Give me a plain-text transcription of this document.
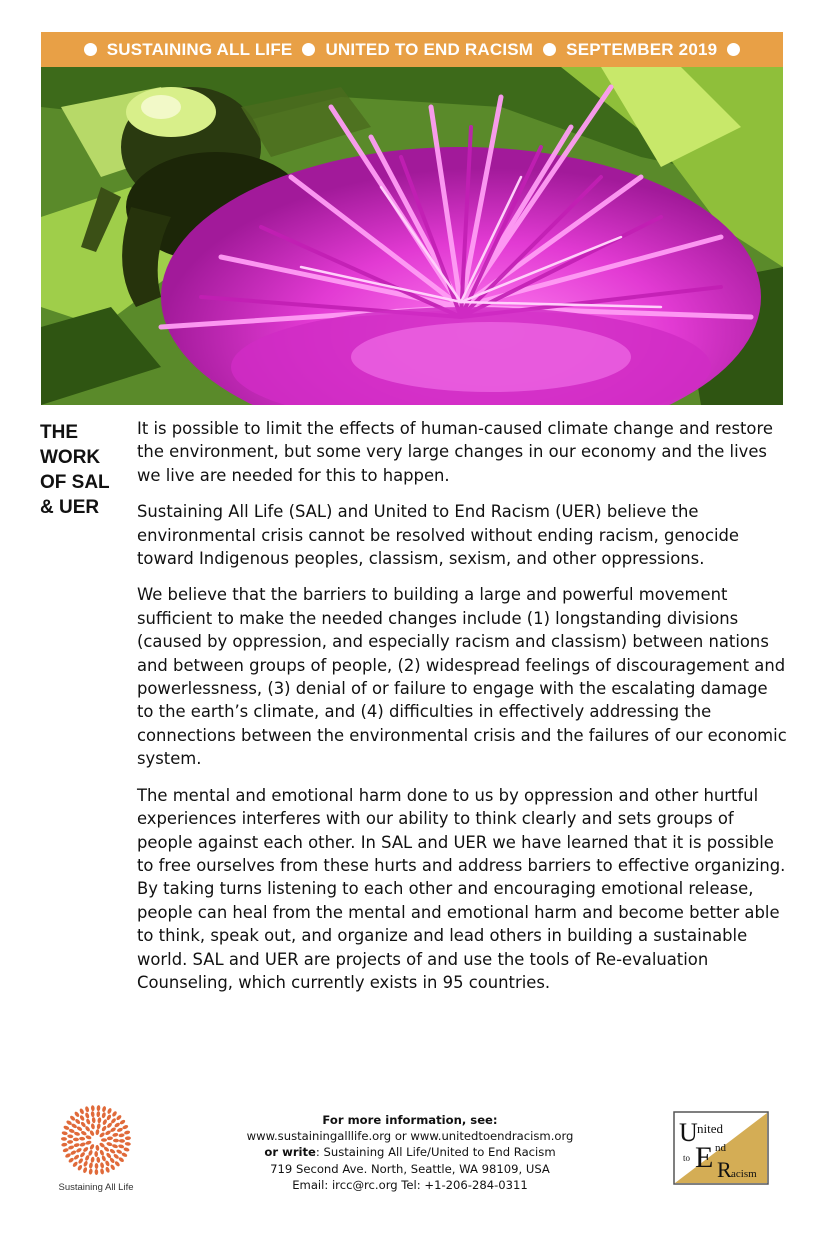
SUSTAINING ALL LIFE UNITED TO END RACISM SEPTEMBER 2019
THE
WORK
OF SAL
& UER

It is possible to limit the effects of human-caused climate change and restore the environment, but some very large changes in our economy and the lives we live are needed for this to happen.

Sustaining All Life (SAL) and United to End Racism (UER) believe the environmental crisis cannot be resolved without ending racism, genocide toward Indigenous peoples, classism, sexism, and other oppressions.

We believe that the barriers to building a large and powerful movement sufficient to make the needed changes include (1) longstanding divisions (caused by oppression, and especially racism and classism) between nations and between groups of people, (2) widespread feelings of discouragement and powerlessness, (3) denial of or failure to engage with the escalating damage to the earth’s climate, and (4) difficulties in effectively addressing the connections between the environmental crisis and the failures of our economic system.

The mental and emotional harm done to us by oppression and other hurtful experiences interferes with our ability to think clearly and sets groups of people against each other. In SAL and UER we have learned that it is possible to free ourselves from these hurts and address barriers to effective organizing. By taking turns listening to each other and encouraging emotional release, people can heal from the mental and emotional harm and become better able to think, speak out, and organize and lead others in building a sustainable world. SAL and UER are projects of and use the tools of Re-evaluation Counseling, which currently exists in 95 countries.

Sustaining All Life
For more information, see:
www.sustainingalllife.org or www.unitedtoendracism.org
or write: Sustaining All Life/United to End Racism
719 Second Ave. North, Seattle, WA 98109, USA
Email: ircc@rc.org Tel: +1-206-284-0311
U nited
to E nd
R acism
